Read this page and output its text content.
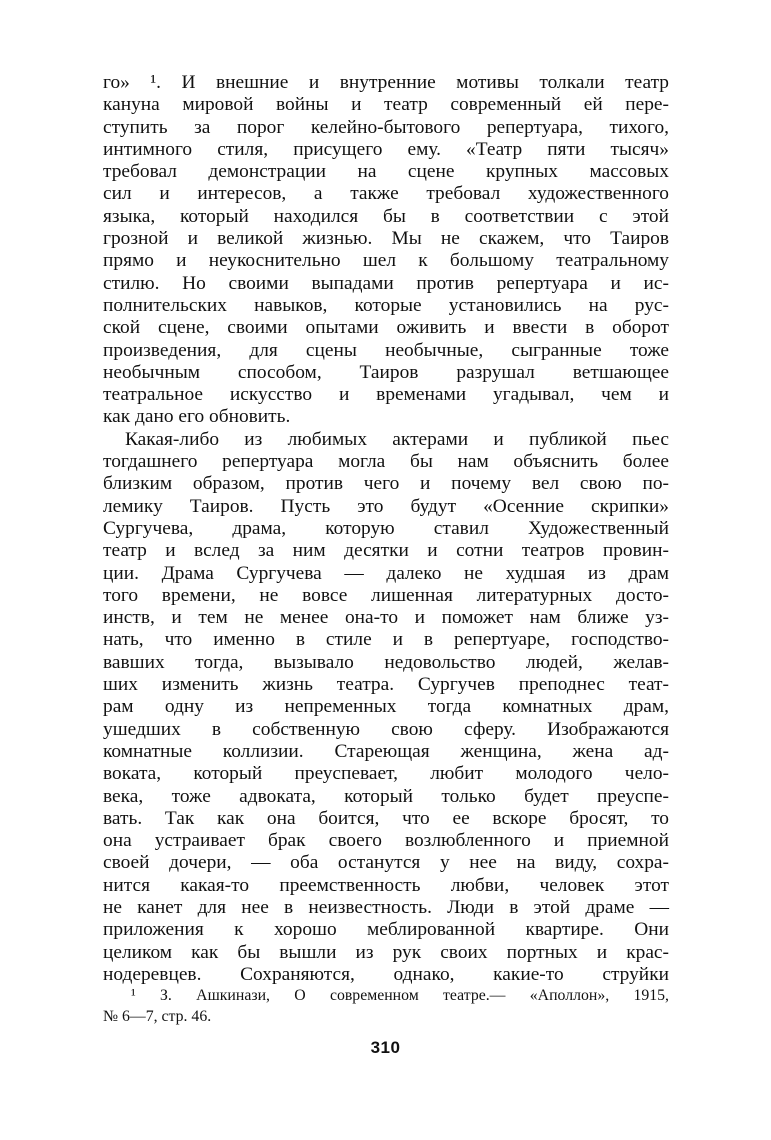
го» ¹. И внешние и внутренние мотивы толкали театр
кануна мировой войны и театр современный ей пере-
ступить за порог келейно-бытового репертуара, тихого,
интимного стиля, присущего ему. «Театр пяти тысяч»
требовал демонстрации на сцене крупных массовых
сил и интересов, а также требовал художественного
языка, который находился бы в соответствии с этой
грозной и великой жизнью. Мы не скажем, что Таиров
прямо и неукоснительно шел к большому театральному
стилю. Но своими выпадами против репертуара и ис-
полнительских навыков, которые установились на рус-
ской сцене, своими опытами оживить и ввести в оборот
произведения, для сцены необычные, сыгранные тоже
необычным способом, Таиров разрушал ветшающее
театральное искусство и временами угадывал, чем и
как дано его обновить.
Какая-либо из любимых актерами и публикой пьес
тогдашнего репертуара могла бы нам объяснить более
близким образом, против чего и почему вел свою по-
лемику Таиров. Пусть это будут «Осенние скрипки»
Сургучева, драма, которую ставил Художественный
театр и вслед за ним десятки и сотни театров провин-
ции. Драма Сургучева — далеко не худшая из драм
того времени, не вовсе лишенная литературных досто-
инств, и тем не менее она-то и поможет нам ближе уз-
нать, что именно в стиле и в репертуаре, господство-
вавших тогда, вызывало недовольство людей, желав-
ших изменить жизнь театра. Сургучев преподнес теат-
рам одну из непременных тогда комнатных драм,
ушедших в собственную свою сферу. Изображаются
комнатные коллизии. Стареющая женщина, жена ад-
воката, который преуспевает, любит молодого чело-
века, тоже адвоката, который только будет преуспе-
вать. Так как она боится, что ее вскоре бросят, то
она устраивает брак своего возлюбленного и приемной
своей дочери, — оба останутся у нее на виду, сохра-
нится какая-то преемственность любви, человек этот
не канет для нее в неизвестность. Люди в этой драме —
приложения к хорошо меблированной квартире. Они
целиком как бы вышли из рук своих портных и крас-
нодеревцев. Сохраняются, однако, какие-то струйки
¹ З. Ашкинази, О современном театре.— «Аполлон», 1915,
№ 6—7, стр. 46.
310
